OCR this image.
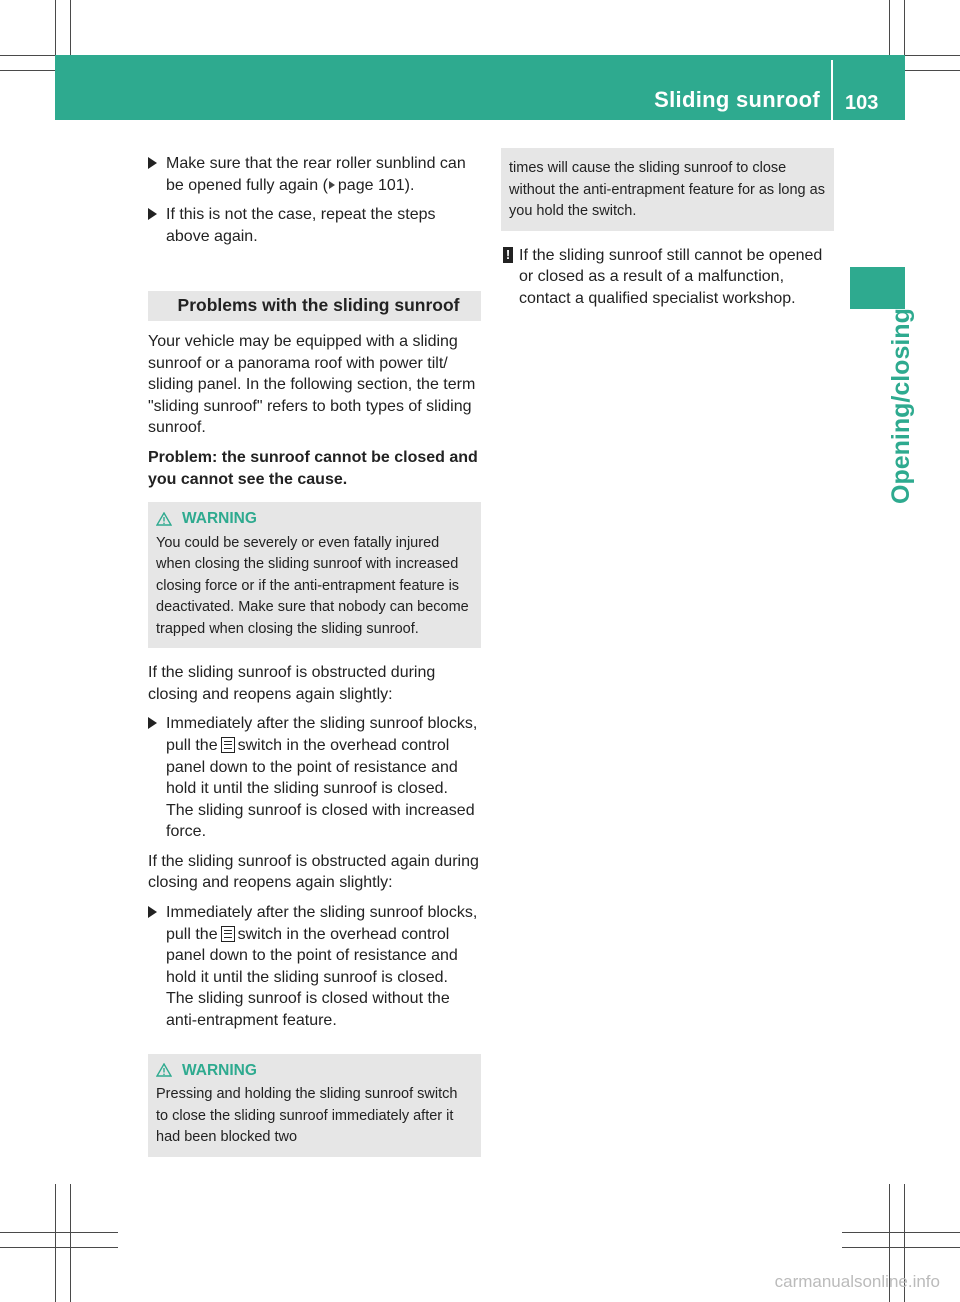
Sliding sunroof 103
Opening/closing
Make sure that the rear roller sunblind can be opened fully again ( page 101).
If this is not the case, repeat the steps above again.
Problems with the sliding sunroof

Your vehicle may be equipped with a sliding sunroof or a panorama roof with power tilt/ sliding panel. In the following section, the term "sliding sunroof" refers to both types of sliding sunroof.

Problem: the sunroof cannot be closed and you cannot see the cause.

WARNING
You could be severely or even fatally injured when closing the sliding sunroof with increased closing force or if the anti-entrapment feature is deactivated. Make sure that nobody can become trapped when closing the sliding sunroof.

If the sliding sunroof is obstructed during closing and reopens again slightly:

Immediately after the sliding sunroof blocks, pull the switch in the overhead control panel down to the point of resistance and hold it until the sliding sunroof is closed.
The sliding sunroof is closed with increased force.

If the sliding sunroof is obstructed again during closing and reopens again slightly:

Immediately after the sliding sunroof blocks, pull the switch in the overhead control panel down to the point of resistance and hold it until the sliding sunroof is closed.
The sliding sunroof is closed without the anti-entrapment feature.
WARNING
Pressing and holding the sliding sunroof switch to close the sliding sunroof immediately after it had been blocked two
times will cause the sliding sunroof to close without the anti-entrapment feature for as long as you hold the switch.
! If the sliding sunroof still cannot be opened or closed as a result of a malfunction, contact a qualified specialist workshop.
carmanualsonline.info
